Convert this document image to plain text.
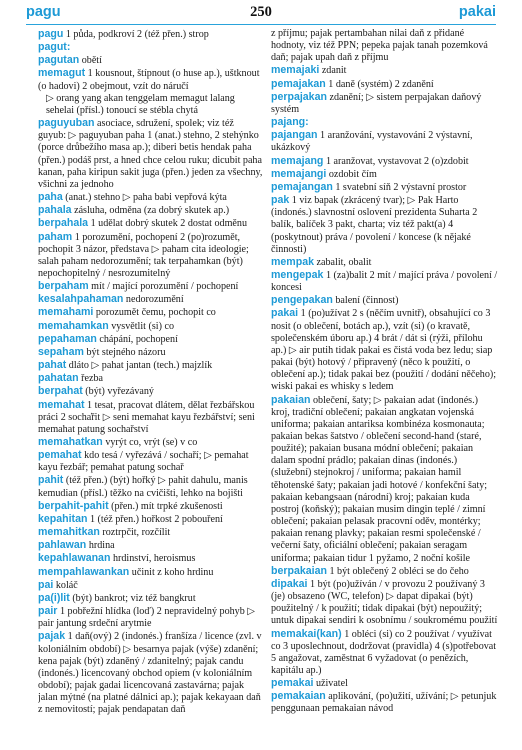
pagu	250	pakai

pagu 1 půda, podkroví 2 (též přen.) strop

pagut:

pagutan obětí

memagut 1 kousnout, štípnout (o huse ap.), uštknout (o hadovi) 2 obejmout, vzít do náručí

▷ orang yang akan tenggelam memagut lalang sehelai (přísl.) tonoucí se stébla chytá

paguyuban asociace, sdružení, spolek; viz též guyub: ▷ paguyuban paha 1 (anat.) stehno, 2 stehýnko (porce drůbežího masa ap.); diberi betis hendak paha (přen.) podáš prst, a hned chce celou ruku; dicubit paha kanan, paha kiripun sakit juga (přen.) jeden za všechny, všichni za jednoho

paha (anat.) stehno ▷ paha babi vepřová kýta

pahala zásluha, odměna (za dobrý skutek ap.)

berpahala 1 udělat dobrý skutek 2 dostat odměnu

paham 1 porozumění, pochopení 2 (po)rozumět, pochopit 3 názor, představa ▷ paham cita ideologie; salah paham nedorozumění; tak terpahamkan (být) nepochopitelný / nesrozumitelný

berpaham mít / mající porozumění / pochopení

kesalahpahaman nedorozumění

memahami porozumět čemu, pochopit co

memahamkan vysvětlit (si) co

pepahaman chápání, pochopení

sepaham být stejného názoru

pahat dláto ▷ pahat jantan (tech.) majzlík

pahatan řezba

berpahat (být) vyřezávaný

memahat 1 tesat, pracovat dlátem, dělat řezbářskou práci 2 socha̍řit ▷ seni memahat kayu řezbářství; seni memahat patung sochařství

memahatkan vyrýt co, vrýt (se) v co

pemahat kdo tesá / vyřezává / sochaří; ▷ pemahat kayu řezbář; pemahat patung sochař

pahit (též přen.) (být) hořký ▷ pahit dahulu, manis kemudian (přísl.) těžko na cvičišti, lehko na bojišti

berpahit-pahit (přen.) mít trpké zkušenosti

kepahitan 1 (též přen.) hořkost 2 pobouření

memahitkan roztrpčit, rozčílit

pahlawan hrdina

kepahlawanan hrdinství, heroismus

mempahlawankan učinit z koho hrdinu

pai koláč

pa(i)lit (být) bankrot; viz též bangkrut

pair 1 pobřežní hlídka (loď) 2 nepravidelný pohyb ▷ pair jantung srdeční arytmie

pajak 1 daň(ový) 2 (indonés.) franšíza / licence (zvl. v koloniálním období) ▷ besarnya pajak (výše) zdanění; kena pajak (být) zdaněný / zdanitelný; pajak candu (indonés.) licencovaný obchod opiem (v koloniálním období); pajak gadai licencovaná zastavárna; pajak jalan mýtné (na platné dálnici ap.); pajak kekayaan daň z nemovitostí; pajak pendapatan daň

z příjmu; pajak pertambahan nilai daň z přidané hodnoty, viz též PPN; pepeka pajak tanah pozemková daň; pajak upah daň z příjmu

memajaki zdanit

pemajakan 1 daně (systém) 2 zdanění

perpajakan zdanění; ▷ sistem perpajakan daňový systém

pajang:

pajangan 1 aranžování, vystavování 2 výstavní, ukázkový

memajang 1 aranžovat, vystavovat 2 (o)zdobit

memajangi ozdobit čím

pemajangan 1 svatební síň 2 výstavní prostor

pak 1 viz bapak (zkrácený tvar); ▷ Pak Harto (indonés.) slavnostní oslovení prezidenta Suharta 2 balík, balíček 3 pakt, charta; viz též pakt(a) 4 (poskytnout) práva / povolení / koncese (k nějaké činnosti)

mempak zabalit, obalit

mengepak 1 (za)balit 2 mít / mající práva / povolení / koncesi

pengepakan balení (činnost)

pakai 1 (po)užívat 2 s (něčím uvnitř), obsahující co 3 nosit (o oblečení, botách ap.), vzít (si) (o kravatě, společenském úboru ap.) 4 brát / dát si (rýži, přílohu ap.) ▷ air putih tidak pakai es čistá voda bez ledu; siap pakai (být) hotový / připravený (něco k použití, o oblečení ap.); tidak pakai bez (použití / dodání něčeho); wiski pakai es whisky s ledem

pakaian oblečení, šaty; ▷ pakaian adat (indonés.) kroj, tradiční oblečení; pakaian angkatan vojenská uniforma; pakaian antariksa kombinéza kosmonauta; pakaian bekas šatstvo / oblečení second-hand (staré, použité); pakaian busana módní oblečení; pakaian dalam spodní prádlo; pakaian dinas (indonés.) (služební) stejnokroj / uniforma; pakaian hamil těhotenské šaty; pakaian jadi hotové / konfekční šaty; pakaian kebangsaan (národní) kroj; pakaian kuda postroj (koňský); pakaian musim dingin teplé / zimní oblečení; pakaian pelasak pracovní oděv, montérky; pakaian renang plavky; pakaian resmi společenské / večerní šaty, oficiální oblečení; pakaian seragam uniforma; pakaian tidur 1 pyžamo, 2 noční košile

berpakaian 1 být oblečený 2 obléci se do čeho

dipakai 1 být (po)užíván / v provozu 2 používaný 3 (je) obsazeno (WC, telefon) ▷ dapat dipakai (být) použitelný / k použití; tidak dipakai (být) nepoužitý; untuk dipakai sendiri k osobnímu / soukromému použití

memakai(kan) 1 obléci (si) co 2 používat / využívat co 3 uposlechnout, dodržovat (pravidla) 4 (s)potřebovat 5 angažovat, zaměstnat 6 vyžadovat (o penězích, kapitálu ap.)

pemakai uživatel

pemakaian aplikování, (po)užití, užívání; ▷ petunjuk penggunaan pemakaian návod
